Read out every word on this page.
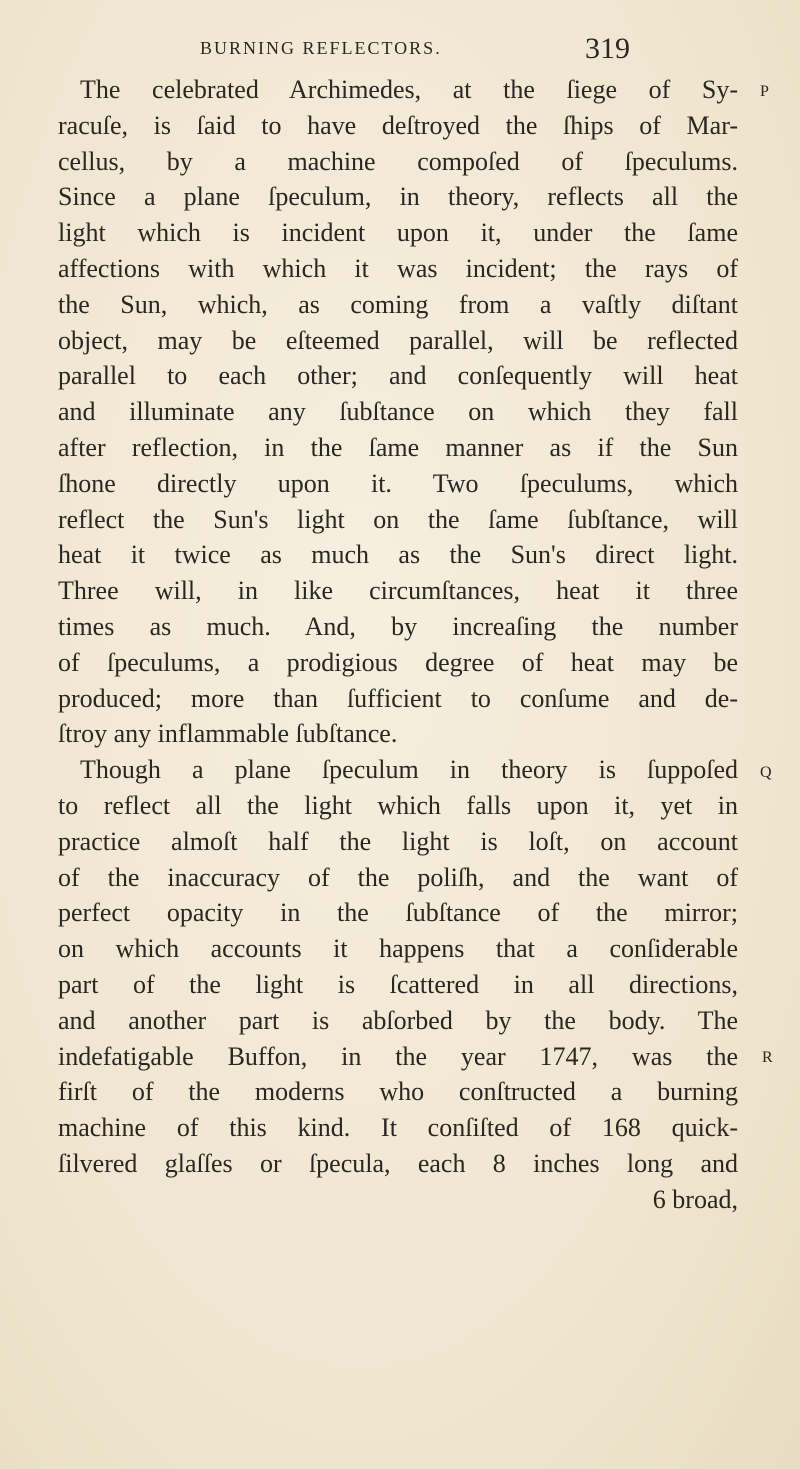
BURNING REFLECTORS.	319
The celebrated Archimedes, at the ſiege of Sy-
racuſe, is ſaid to have deſtroyed the ſhips of Mar-
cellus, by a machine compoſed of ſpeculums.
Since a plane ſpeculum, in theory, reflects all the
light which is incident upon it, under the ſame
affections with which it was incident; the rays of
the Sun, which, as coming from a vaſtly diſtant
object, may be eſteemed parallel, will be reflected
parallel to each other; and conſequently will heat
and illuminate any ſubſtance on which they fall
after reflection, in the ſame manner as if the Sun
ſhone directly upon it. Two ſpeculums, which
reflect the Sun's light on the ſame ſubſtance, will
heat it twice as much as the Sun's direct light.
Three will, in like circumſtances, heat it three
times as much. And, by increaſing the number
of ſpeculums, a prodigious degree of heat may be
produced; more than ſufficient to conſume and de-
ſtroy any inflammable ſubſtance.
Though a plane ſpeculum in theory is ſuppoſed
to reflect all the light which falls upon it, yet in
practice almoſt half the light is loſt, on account
of the inaccuracy of the poliſh, and the want of
perfect opacity in the ſubſtance of the mirror;
on which accounts it happens that a conſiderable
part of the light is ſcattered in all directions,
and another part is abſorbed by the body. The
indefatigable Buffon, in the year 1747, was the
firſt of the moderns who conſtructed a burning
machine of this kind. It conſiſted of 168 quick-
ſilvered glaſſes or ſpecula, each 8 inches long and
6 broad,
P
Q
R
